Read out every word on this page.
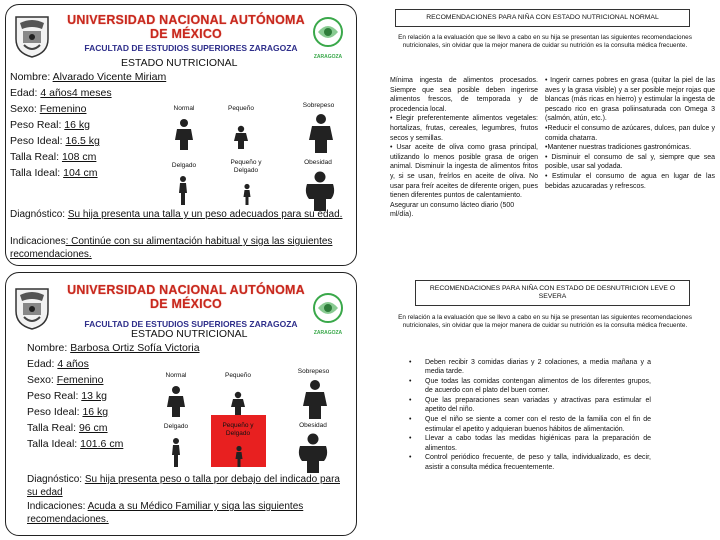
UNIVERSIDAD NACIONAL AUTÓNOMA DE MÉXICO
FACULTAD DE ESTUDIOS SUPERIORES ZARAGOZA
ZARAGOZA
ESTADO NUTRICIONAL
Nombre: Alvarado Vicente Miriam
Edad: 4 años4 meses
Sexo: Femenino
Peso Real: 16 kg
Peso Ideal: 16.5 kg
Talla Real: 108 cm
Talla Ideal: 104 cm
Normal	Pequeño	Sobrepeso
Delgado	Pequeño y Delgado
Obesidad
Diagnóstico: Su hija presenta una talla y un peso adecuados para su edad.
Indicaciones: Continúe con su alimentación habitual y siga las siguientes recomendaciones.
UNIVERSIDAD NACIONAL AUTÓNOMA DE MÉXICO
FACULTAD DE ESTUDIOS SUPERIORES ZARAGOZA
ZARAGOZA
ESTADO NUTRICIONAL
Nombre: Barbosa Ortiz Sofía Victoria
Edad: 4 años
Sexo: Femenino
Peso Real: 13 kg
Peso Ideal: 16 kg
Talla Real: 96 cm
Talla Ideal: 101.6 cm
Normal	Pequeño
Sobrepeso
Delgado	Pequeño y Delgado
Obesidad
Diagnóstico: Su hija presenta peso o talla por debajo del indicado para su edad
Indicaciones: Acuda a su Médico Familiar y siga las siguientes recomendaciones.
RECOMENDACIONES PARA NIÑA CON ESTADO NUTRICIONAL NORMAL
En relación a la evaluación que se llevo a cabo en su hija se presentan las siguientes recomendaciones nutricionales, sin olvidar que la mejor manera de cuidar su nutrición es la consulta médica frecuente.

Mínima ingesta de alimentos procesados. Siempre que sea posible deben ingerirse alimentos frescos, de temporada y de procedencia local.

• Elegir preferentemente alimentos vegetales: hortalizas, frutas, cereales, legumbres, frutos secos y semillas.

• Usar aceite de oliva como grasa principal, utilizando lo menos posible grasa de origen animal. Disminuir la ingesta de alimentos fritos y, si se usan, freírlos en aceite de oliva. No usar para freír aceites de diferente origen, pues tienen diferentes puntos de calentamiento.

Asegurar un consumo lácteo diario (500 ml/día).

• Ingerir carnes pobres en grasa (quitar la piel de las aves y la grasa visible) y a ser posible mejor rojas que blancas (más ricas en hierro) y estimular la ingesta de pescado rico en grasa poliinsaturada con Omega 3 (salmón, atún, etc.).

•Reducir el consumo de azúcares, dulces, pan dulce y comida chatarra.

•Mantener nuestras tradiciones gastronómicas.

• Disminuir el consumo de sal y, siempre que sea posible, usar sal yodada.

• Estimular el consumo de agua en lugar de las bebidas azucaradas y refrescos.

RECOMENDACIONES PARA NIÑA CON ESTADO DE DESNUTRICION LEVE O SEVERA
En relación a la evaluación que se llevo a cabo en su hija se presentan las siguientes recomendaciones nutricionales, sin olvidar que la mejor manera de cuidar su nutrición es la consulta médica frecuente.
• Deben recibir 3 comidas diarias y 2 colaciones, a media mañana y a media tarde.
• Que todas las comidas contengan alimentos de los diferentes grupos, de acuerdo con el plato del buen comer.
• Que las preparaciones sean variadas y atractivas para estimular el apetito del niño.
• Que el niño se siente a comer con el resto de la familia con el fin de estimular el apetito y adquieran buenos hábitos de alimentación.
• Llevar a cabo todas las medidas higiénicas para la preparación de alimentos.
• Control periódico frecuente, de peso y talla, individualizado, es decir, asistir a consulta médica frecuentemente.
